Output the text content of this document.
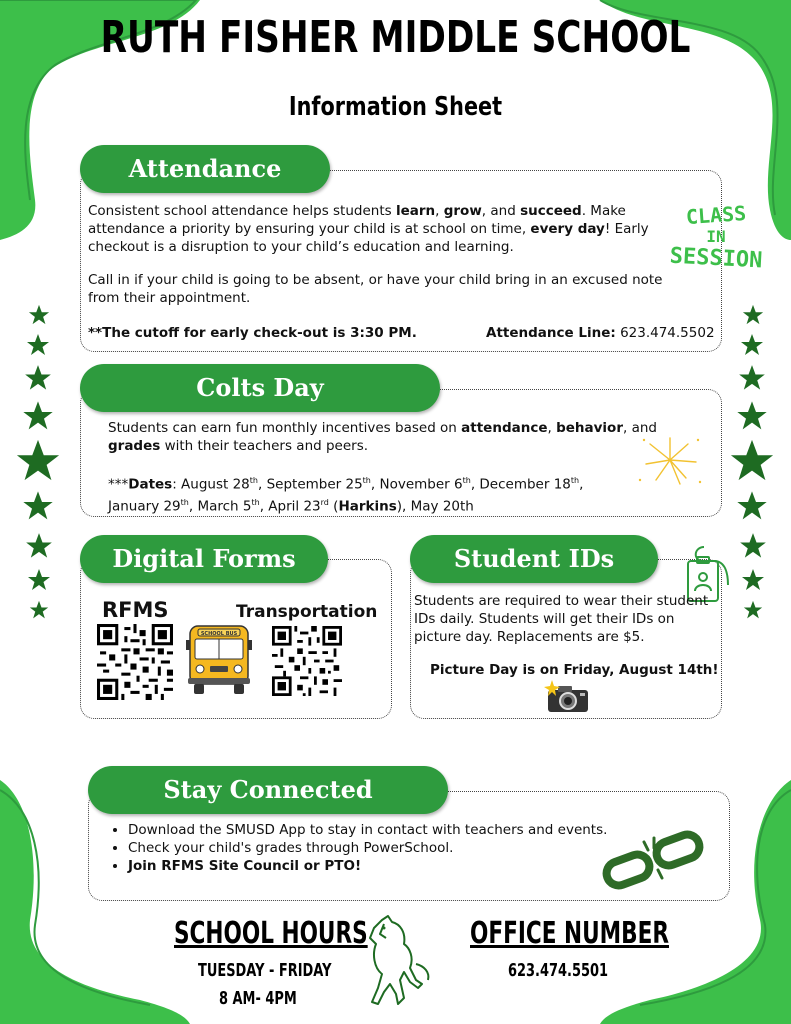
RUTH FISHER MIDDLE SCHOOL
Information Sheet
Attendance
Consistent school attendance helps students learn, grow, and succeed. Make attendance a priority by ensuring your child is at school on time, every day! Early checkout is a disruption to your child’s education and learning.
Call in if your child is going to be absent, or have your child bring in an excused note from their appointment.
**The cutoff for early check-out is 3:30 PM.	Attendance Line: 623.474.5502
CLASS
IN
SESSION
Colts Day
Students can earn fun monthly incentives based on attendance, behavior, and grades with their teachers and peers.
***Dates: August 28th, September 25th, November 6th, December 18th, January 29th, March 5th, April 23rd (Harkins), May 20th
Digital Forms
RFMS	Transportation
SCHOOL BUS
Student IDs
Students are required to wear their student IDs daily. Students will get their IDs on picture day. Replacements are $5.
Picture Day is on Friday, August 14th!
Stay Connected
• Download the SMUSD App to stay in contact with teachers and events.
• Check your child's grades through PowerSchool.
• Join RFMS Site Council or PTO!
SCHOOL HOURS
TUESDAY - FRIDAY
8 AM- 4PM
OFFICE NUMBER
623.474.5501
